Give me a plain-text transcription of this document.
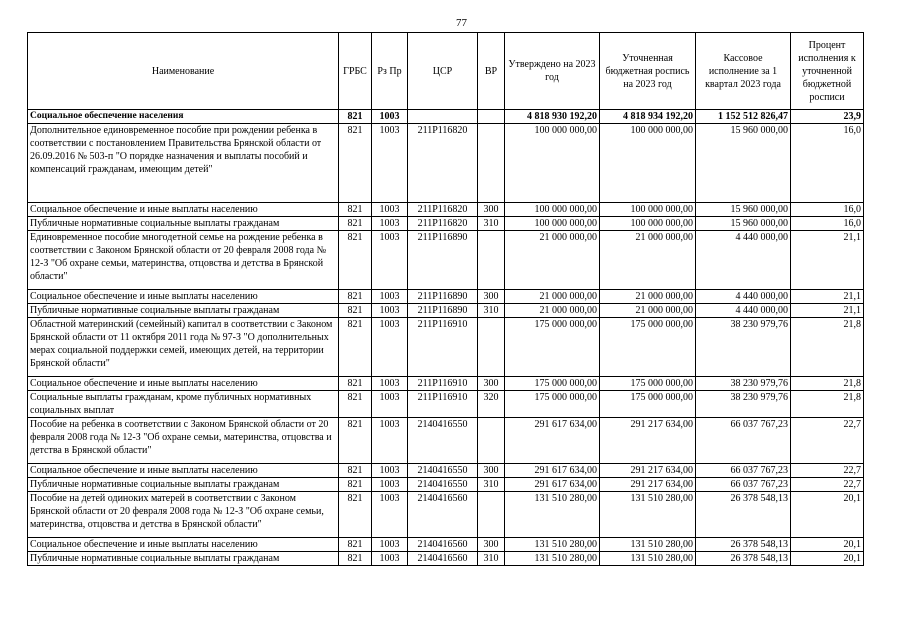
77
Наименование	ГРБС	Рз Пр	ЦСР	ВР	Утверждено на 2023 год	Уточненная бюджетная роспись на 2023 год	Кассовое исполнение за 1 квартал 2023 года	Процент исполнения к уточненной бюджетной росписи
Социальное обеспечение населения	821	1003			4 818 930 192,20	4 818 934 192,20	1 152 512 826,47	23,9
Дополнительное единовременное пособие при рождении ребенка в соответствии с постановлением Правительства Брянской области от 26.09.2016 № 503-п "О порядке назначения и выплаты пособий и компенсаций гражданам, имеющим детей"	821	1003	211P116820		100 000 000,00	100 000 000,00	15 960 000,00	16,0
Социальное обеспечение и иные выплаты населению	821	1003	211P116820	300	100 000 000,00	100 000 000,00	15 960 000,00	16,0
Публичные нормативные социальные выплаты гражданам	821	1003	211P116820	310	100 000 000,00	100 000 000,00	15 960 000,00	16,0
Единовременное пособие многодетной семье на рождение ребенка в соответствии с Законом Брянской области от 20 февраля 2008 года № 12-З "Об охране семьи, материнства, отцовства и детства в Брянской области"	821	1003	211P116890		21 000 000,00	21 000 000,00	4 440 000,00	21,1
Социальное обеспечение и иные выплаты населению	821	1003	211P116890	300	21 000 000,00	21 000 000,00	4 440 000,00	21,1
Публичные нормативные социальные выплаты гражданам	821	1003	211P116890	310	21 000 000,00	21 000 000,00	4 440 000,00	21,1
Областной материнский (семейный) капитал в соответствии с Законом Брянской области от 11 октября 2011 года № 97-З "О дополнительных мерах социальной поддержки семей, имеющих детей, на территории Брянской области"	821	1003	211P116910		175 000 000,00	175 000 000,00	38 230 979,76	21,8
Социальное обеспечение и иные выплаты населению	821	1003	211P116910	300	175 000 000,00	175 000 000,00	38 230 979,76	21,8
Социальные выплаты гражданам, кроме публичных нормативных социальных выплат	821	1003	211P116910	320	175 000 000,00	175 000 000,00	38 230 979,76	21,8
Пособие на ребенка в соответствии с Законом Брянской области от 20 февраля 2008 года № 12-З "Об охране семьи, материнства, отцовства и детства в Брянской области"	821	1003	2140416550		291 617 634,00	291 217 634,00	66 037 767,23	22,7
Социальное обеспечение и иные выплаты населению	821	1003	2140416550	300	291 617 634,00	291 217 634,00	66 037 767,23	22,7
Публичные нормативные социальные выплаты гражданам	821	1003	2140416550	310	291 617 634,00	291 217 634,00	66 037 767,23	22,7
Пособие на детей одиноких матерей в соответствии с Законом Брянской области от 20 февраля 2008 года № 12-З "Об охране семьи, материнства, отцовства и детства в Брянской области"	821	1003	2140416560		131 510 280,00	131 510 280,00	26 378 548,13	20,1
Социальное обеспечение и иные выплаты населению	821	1003	2140416560	300	131 510 280,00	131 510 280,00	26 378 548,13	20,1
Публичные нормативные социальные выплаты гражданам	821	1003	2140416560	310	131 510 280,00	131 510 280,00	26 378 548,13	20,1
